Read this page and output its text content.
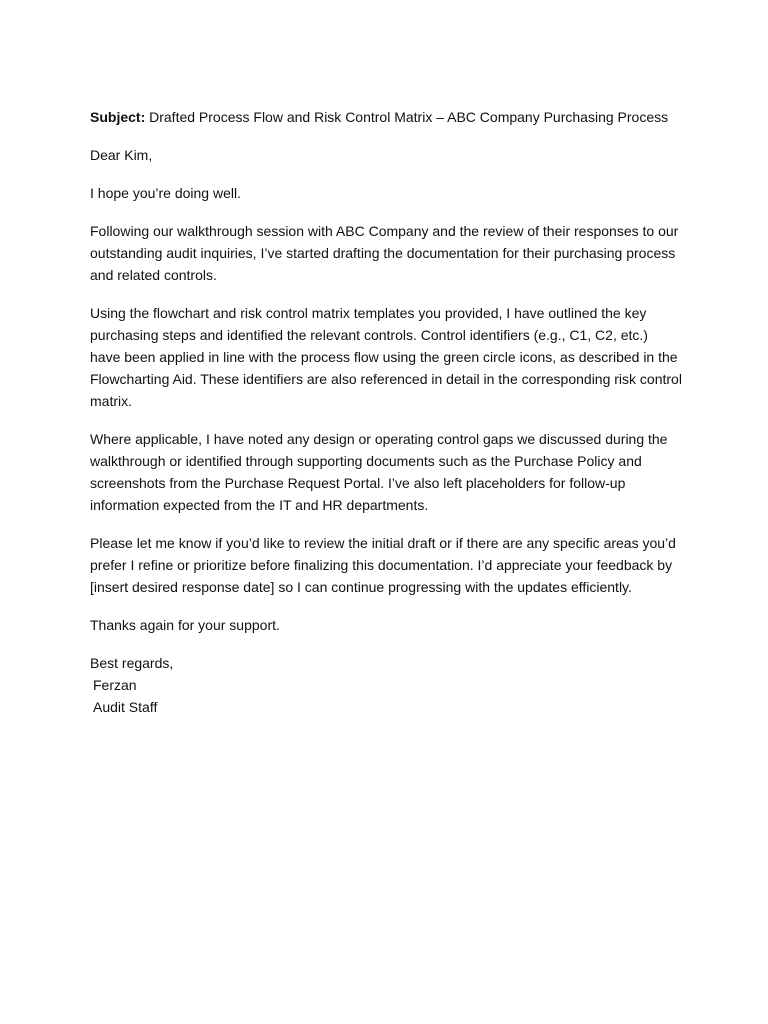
Subject: Drafted Process Flow and Risk Control Matrix – ABC Company Purchasing Process

Dear Kim,

I hope you’re doing well.

Following our walkthrough session with ABC Company and the review of their responses to our outstanding audit inquiries, I’ve started drafting the documentation for their purchasing process and related controls.

Using the flowchart and risk control matrix templates you provided, I have outlined the key purchasing steps and identified the relevant controls. Control identifiers (e.g., C1, C2, etc.) have been applied in line with the process flow using the green circle icons, as described in the Flowcharting Aid. These identifiers are also referenced in detail in the corresponding risk control matrix.

Where applicable, I have noted any design or operating control gaps we discussed during the walkthrough or identified through supporting documents such as the Purchase Policy and screenshots from the Purchase Request Portal. I’ve also left placeholders for follow-up information expected from the IT and HR departments.

Please let me know if you’d like to review the initial draft or if there are any specific areas you’d prefer I refine or prioritize before finalizing this documentation. I’d appreciate your feedback by [insert desired response date] so I can continue progressing with the updates efficiently.

Thanks again for your support.

Best regards,

Ferzan

Audit Staff
